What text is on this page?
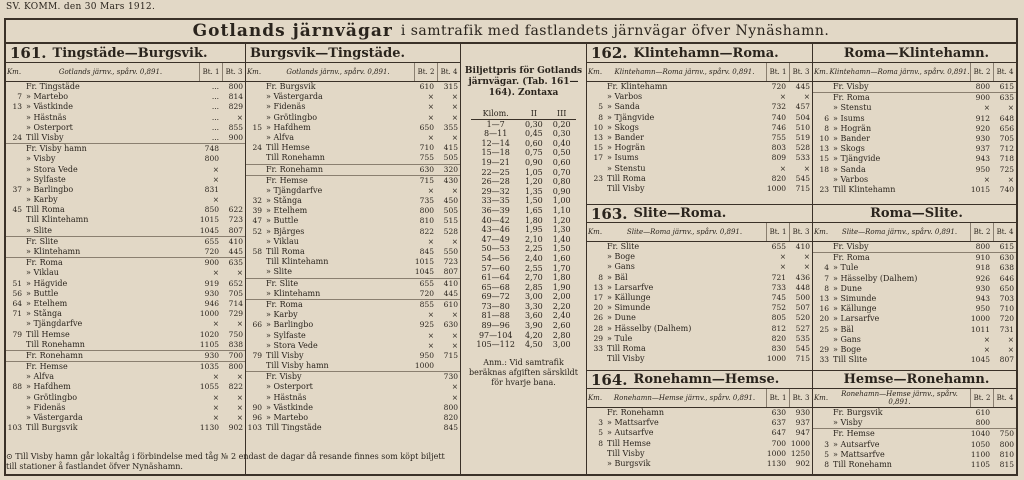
SV. KOMM. den 30 Mars 1912.
Gotlands järnvägar i samtrafik med fastlandets järnvägar öfver Nynäshamn.
161. Tingstäde—Burgsvik.
Km.	Gotlands järnv., spårv. 0,891.	Bt. 1 Bt. 3
Fr. Tingstäde	...	800
7 » Martebo	...	814
13 » Västkinde	...	829
» Hästnäs	...	×
» Österport	...	855
24 Till Visby	...	900
Fr. Visby hamn	748
» Visby	800
» Stora Vede	×
» Sylfaste	×
37 » Barlingbo	831
» Karby	×
45 Till Roma	850	622
Till Klintehamn	1015	723
» Slite	1045	807
Fr. Slite	655	410
» Klintehamn	720	445
Fr. Roma	900	635
» Viklau	×	×
51 » Hägvide	919	652
56 » Buttle	930	705
64 » Etelhem	946	714
71 » Stånga	1000	729
» Tjängdarfve	×	×
79 Till Hemse	1020	750
Till Ronehamn	1105	838
Fr. Ronehamn	930	700
Fr. Hemse	1035	800
» Alfva	×	×
88 » Hafdhem	1055	822
» Grötlingbo	×	×
» Fidenäs	×	×
» Västergarda	×	×
103 Till Burgsvik	1130	902
Burgsvik—Tingstäde.
Km.	Gotlands järnv., spårv. 0,891.	Bt. 2 Bt. 4
Fr. Burgsvik	610	315
» Västergarda	×	×
» Fidenäs	×	×
» Grötlingbo	×	×
15 » Hafdhem	650	355
» Alfva	×	×
24 Till Hemse	710	415
Till Ronehamn	755	505
Fr. Ronehamn	630	320
Fr. Hemse	715	430
» Tjängdarfve	×	×
32 » Stånga	735	450
39 » Etelhem	800	505
47 » Buttle	810	515
52 » Bjärges	822	528
» Viklau	×	×
58 Till Roma	845	550
Till Klintehamn	1015	723
» Slite	1045	807
Fr. Slite	655	410
» Klintehamn	720	445
Fr. Roma	855	610
» Karby	×	×
66 » Barlingbo	925	630
» Sylfaste	×	×
» Stora Vede	×	×
79 Till Visby	950	715
Till Visby hamn	1000
Fr. Visby	730
» Österport	×
» Hästnäs	×
90 » Västkinde	800
96 » Martebo	820
103 Till Tingstäde	845
Biljettpris för Gotlands järnvägar. (Tab. 161—164). Zontaxa
Kilom.	II	III
1—7	0,30	0,20
8—11	0,45	0,30
12—14	0,60	0,40
15—18	0,75	0,50
19—21	0,90	0,60
22—25	1,05	0,70
26—28	1,20	0,80
29—32	1,35	0,90
33—35	1,50	1,00
36—39	1,65	1,10
40—42	1,80	1,20
43—46	1,95	1,30
47—49	2,10	1,40
50—53	2,25	1,50
54—56	2,40	1,60
57—60	2,55	1,70
61—64	2,70	1,80
65—68	2,85	1,90
69—72	3,00	2,00
73—80	3,30	2,20
81—88	3,60	2,40
89—96	3,90	2,60
97—104	4,20	2,80
105—112	4,50	3,00
Anm.: Vid samtrafik beräknas afgiften särskildt för hvarje bana.
162. Klintehamn—Roma.
Km.	Klintehamn—Roma järnv., spårv. 0,891.	Bt. 1 Bt. 3
Fr. Klintehamn	720	445
» Varbos	×	×
5 » Sanda	732	457
8 » Tjängvide	740	504
10 » Skogs	746	510
13 » Bander	755	519
15 » Hogrän	803	528
17 » Isums	809	533
» Stenstu	×	×
23 Till Roma	820	545
Till Visby	1000	715
Roma—Klintehamn.
Km. Klintehamn—Roma järnv., spårv. 0,891. Bt. 2 Bt. 4
Fr. Visby	800	615
Fr. Roma	900	635
» Stenstu	×	×
6 » Isums	912	648
8 » Hogrän	920	656
10 » Bander	930	705
13 » Skogs	937	712
15 » Tjängvide	943	718
18 » Sanda	950	725
» Varbos	×	×
23 Till Klintehamn	1015	740
163. Slite—Roma.
Km.	Slite—Roma järnv., spårv. 0,891.	Bt. 1 Bt. 3
Fr. Slite	655	410
» Boge	×	×
» Gans	×	×
8 » Bäl	721	436
13 » Larsarfve	733	448
17 » Källunge	745	500
20 » Simunde	752	507
26 » Dune	805	520
28 » Hässelby (Dalhem)	812	527
29 » Tule	820	535
33 Till Roma	830	545
Till Visby	1000	715
Roma—Slite.
Km.	Slite—Roma järnv., spårv. 0,891.	Bt. 2 Bt. 4
Fr. Visby	800	615
Fr. Roma	910	630
4 » Tule	918	638
7 » Hässelby (Dalhem)	926	646
8 » Dune	930	650
13 » Simunde	943	703
16 » Källunge	950	710
20 » Larsarfve	1000	720
25 » Bäl	1011	731
» Gans	×	×
29 » Boge	×	×
33 Till Slite	1045	807
164. Ronehamn—Hemse.
Km.	Ronehamn—Hemse järnv., spårv. 0,891.	Bt. 1 Bt. 3
Fr. Ronehamn	630	930
3 » Mattsarfve	637	937
5 » Autsarfve	647	947
8 Till Hemse	700 1000
Till Visby	1000 1250
» Burgsvik	1130	902
Hemse—Ronehamn.
Km.	Ronehamn—Hemse järnv., spårv. 0,891.	Bt. 2 Bt. 4
Fr. Burgsvik	610
» Visby	800
Fr. Hemse	1040	750
3 » Autsarfve	1050	800
5 » Mattsarfve	1100	810
8 Till Ronehamn	1105	815
⊙ Till Visby hamn går lokaltåg i förbindelse med tåg № 2 endast de dagar då resande finnes som köpt biljett till stationer å fastlandet öfver Nynäshamn.
